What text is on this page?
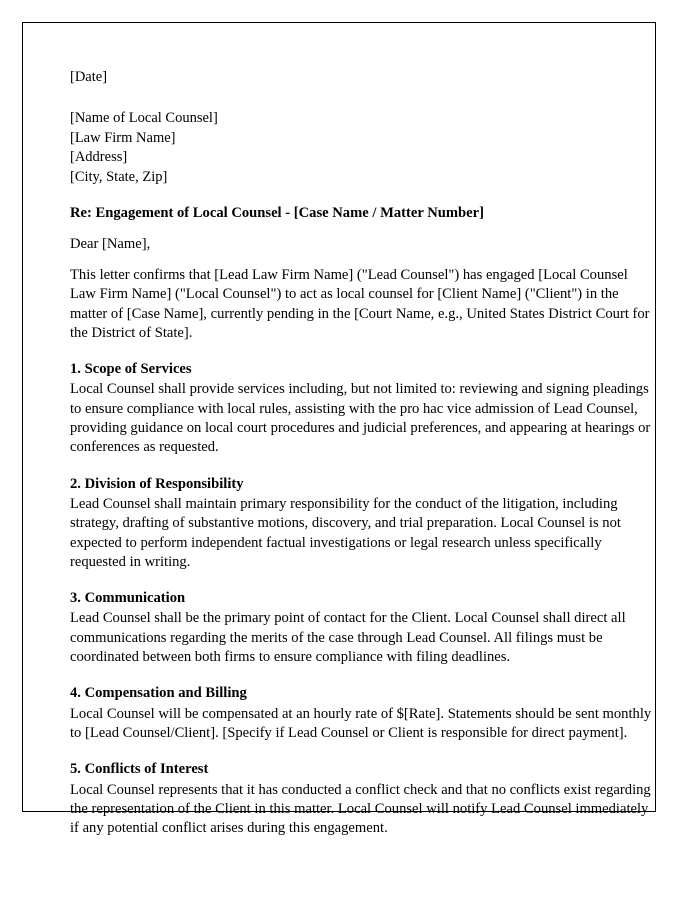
[Date]
[Name of Local Counsel]
[Law Firm Name]
[Address]
[City, State, Zip]
Re: Engagement of Local Counsel - [Case Name / Matter Number]
Dear [Name],
This letter confirms that [Lead Law Firm Name] ("Lead Counsel") has engaged [Local Counsel Law Firm Name] ("Local Counsel") to act as local counsel for [Client Name] ("Client") in the matter of [Case Name], currently pending in the [Court Name, e.g., United States District Court for the District of State].
1. Scope of Services
Local Counsel shall provide services including, but not limited to: reviewing and signing pleadings to ensure compliance with local rules, assisting with the pro hac vice admission of Lead Counsel, providing guidance on local court procedures and judicial preferences, and appearing at hearings or conferences as requested.
2. Division of Responsibility
Lead Counsel shall maintain primary responsibility for the conduct of the litigation, including strategy, drafting of substantive motions, discovery, and trial preparation. Local Counsel is not expected to perform independent factual investigations or legal research unless specifically requested in writing.
3. Communication
Lead Counsel shall be the primary point of contact for the Client. Local Counsel shall direct all communications regarding the merits of the case through Lead Counsel. All filings must be coordinated between both firms to ensure compliance with filing deadlines.
4. Compensation and Billing
Local Counsel will be compensated at an hourly rate of $[Rate]. Statements should be sent monthly to [Lead Counsel/Client]. [Specify if Lead Counsel or Client is responsible for direct payment].
5. Conflicts of Interest
Local Counsel represents that it has conducted a conflict check and that no conflicts exist regarding the representation of the Client in this matter. Local Counsel will notify Lead Counsel immediately if any potential conflict arises during this engagement.
